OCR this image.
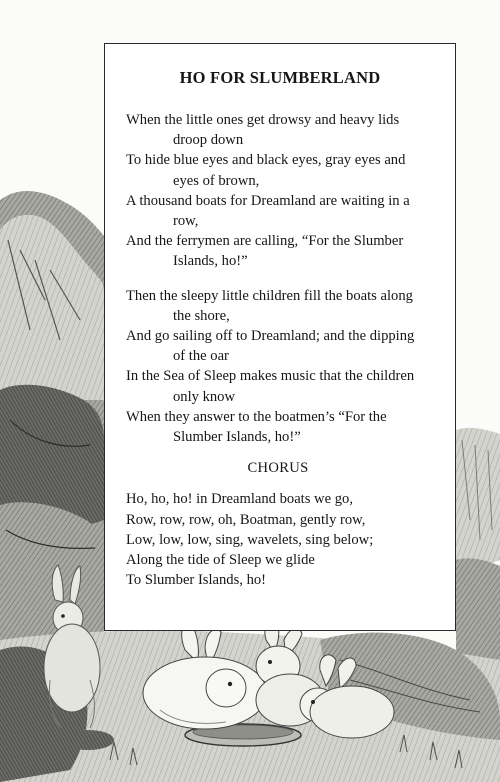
HO FOR SLUMBERLAND

When the little ones get drowsy and heavy lids

droop down

To hide blue eyes and black eyes, gray eyes and

eyes of brown,

A thousand boats for Dreamland are waiting in a

row,

And the ferrymen are calling, “For the Slumber

Islands, ho!”

Then the sleepy little children fill the boats along

the shore,

And go sailing off to Dreamland; and the dipping

of the oar

In the Sea of Sleep makes music that the children

only know

When they answer to the boatmen’s “For the

Slumber Islands, ho!”

CHORUS

Ho, ho, ho! in Dreamland boats we go,

Row, row, row, oh, Boatman, gently row,

Low, low, low, sing, wavelets, sing below;

Along the tide of Sleep we glide

To Slumber Islands, ho!
